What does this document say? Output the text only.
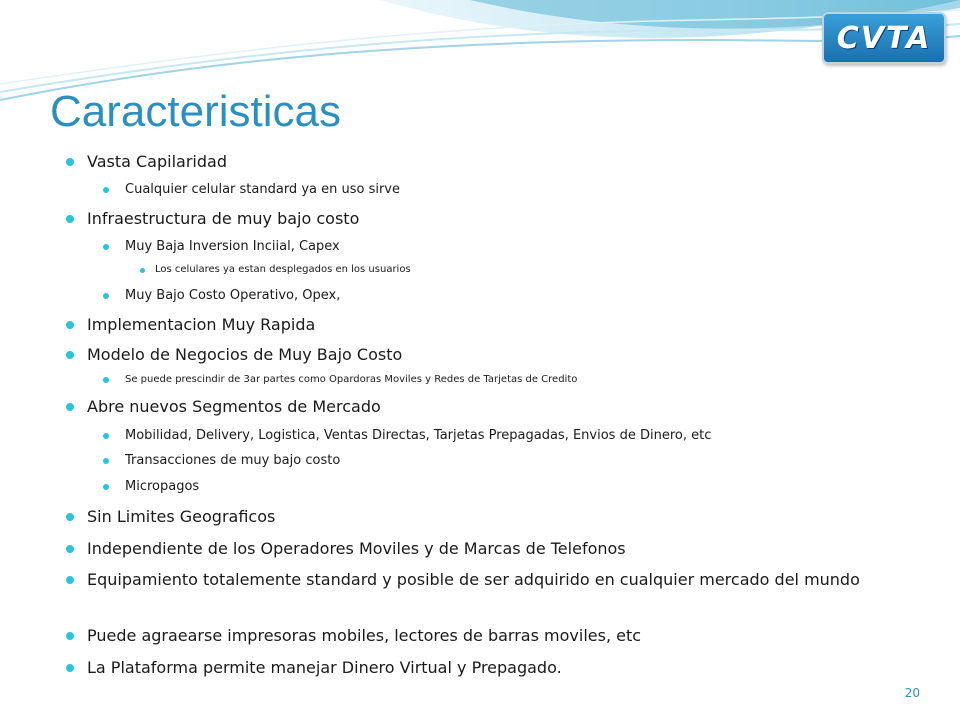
CVTA
Caracteristicas
Vasta Capilaridad
Cualquier celular standard ya en uso sirve
Infraestructura de muy bajo costo
Muy Baja Inversion Inciial, Capex
Los celulares ya estan desplegados en los usuarios
Muy Bajo Costo Operativo, Opex,
Implementacion Muy Rapida
Modelo de Negocios de Muy Bajo Costo
Se puede prescindir de 3ar partes como Opardoras Moviles y Redes de Tarjetas de Credito
Abre nuevos Segmentos de Mercado
Mobilidad, Delivery, Logistica, Ventas Directas, Tarjetas Prepagadas, Envios de Dinero, etc
Transacciones de muy bajo costo
Micropagos
Sin Limites Geograficos
Independiente de los Operadores Moviles y de Marcas de Telefonos
Equipamiento totalemente standard y posible de ser adquirido en cualquier mercado del mundo
Puede agraearse impresoras mobiles, lectores de barras moviles, etc
La Plataforma permite manejar Dinero Virtual y Prepagado.
20
